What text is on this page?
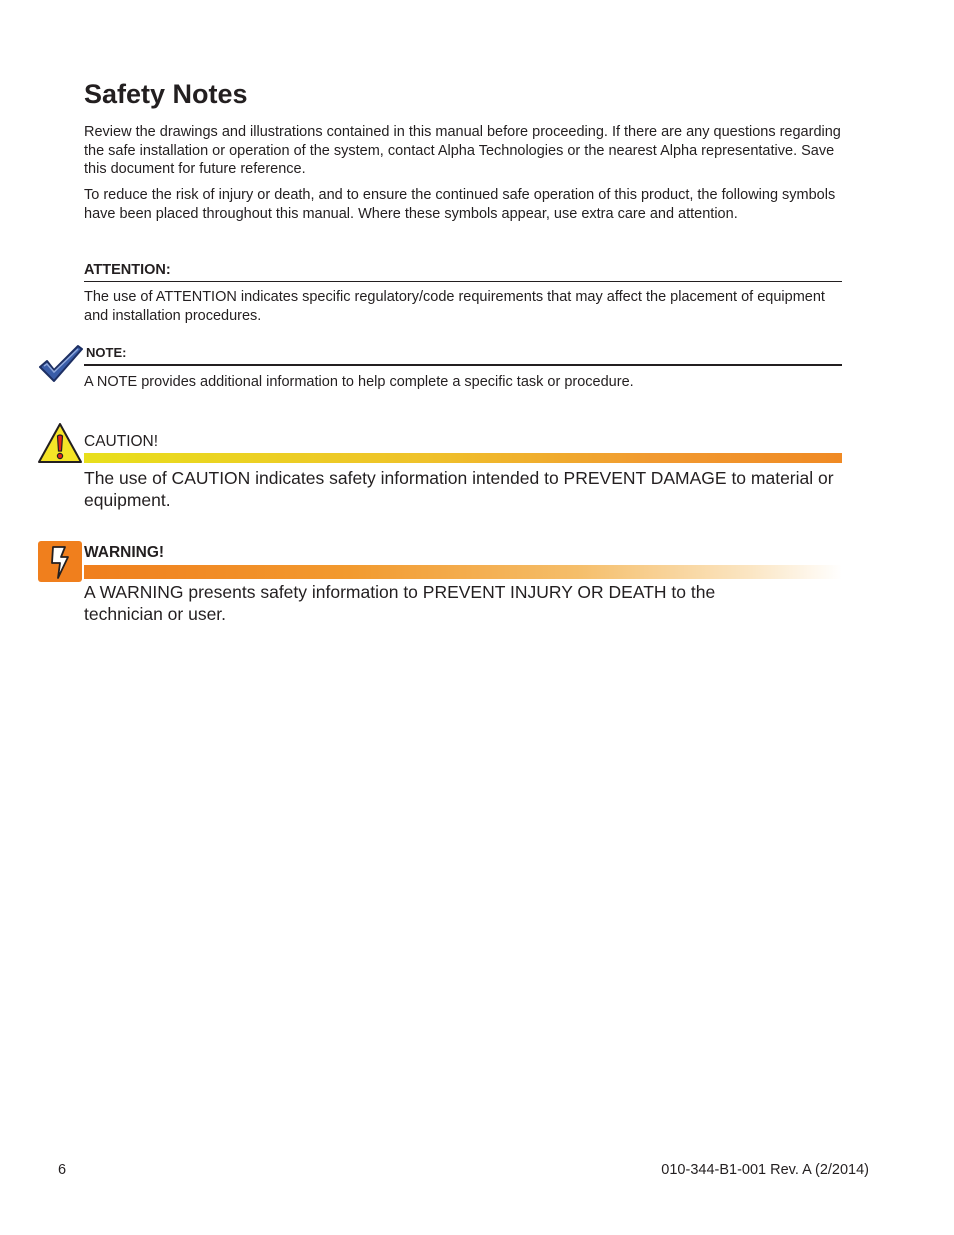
Safety Notes

Review the drawings and illustrations contained in this manual before proceeding. If there are any questions regarding the safe installation or operation of the system, contact Alpha Technologies or the nearest Alpha representative. Save this document for future reference.

To reduce the risk of injury or death, and to ensure the continued safe operation of this product, the following symbols have been placed throughout this manual. Where these symbols appear, use extra care and attention.

ATTENTION:

The use of ATTENTION indicates specific regulatory/code requirements that may affect the placement of equipment and installation procedures.

NOTE:

A NOTE provides additional information to help complete a specific task or procedure.

CAUTION!

The use of CAUTION indicates safety information intended to PREVENT DAMAGE to material or equipment.

WARNING!

A WARNING presents safety information to PREVENT INJURY OR DEATH to the technician or user.

6	010-344-B1-001 Rev. A (2/2014)
